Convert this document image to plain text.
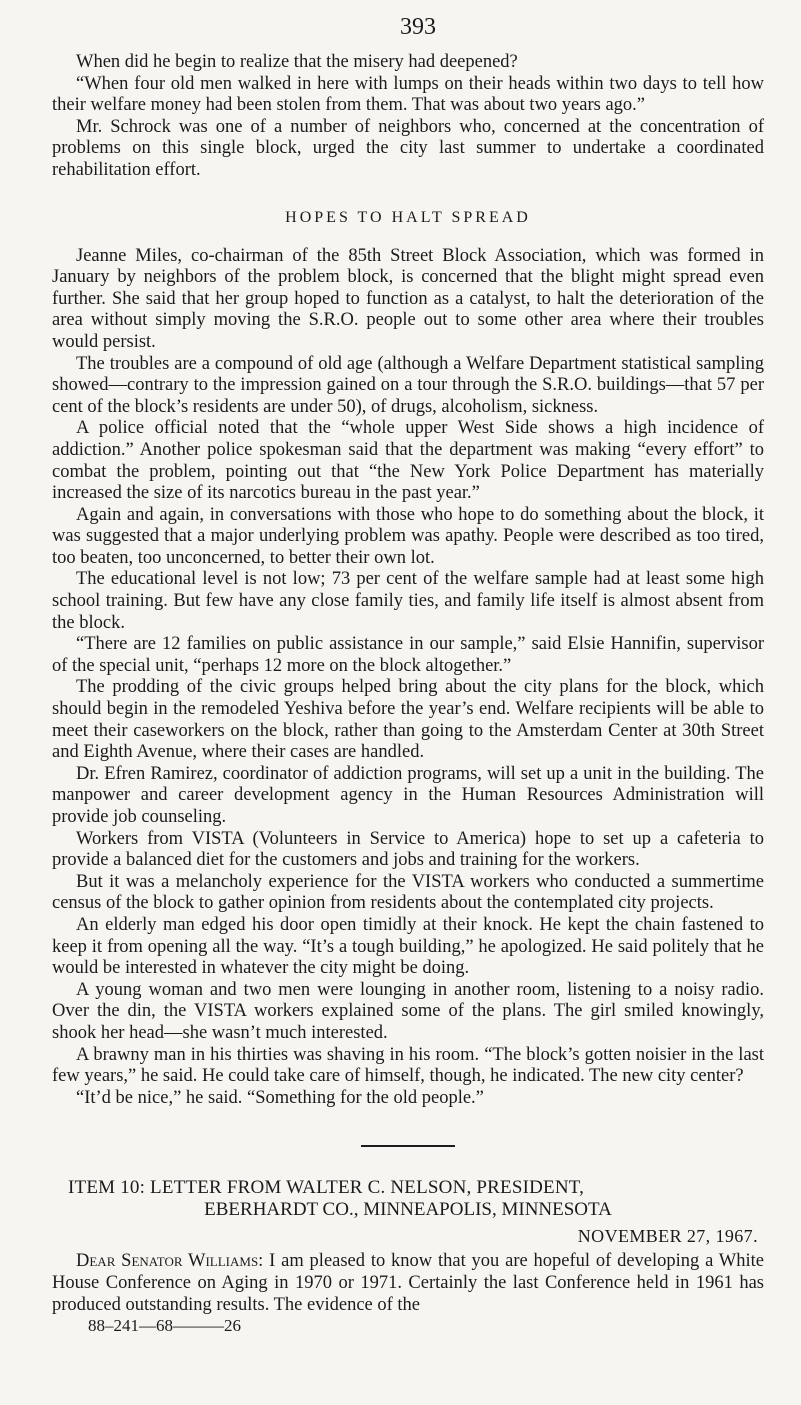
393

When did he begin to realize that the misery had deepened?

“When four old men walked in here with lumps on their heads within two days to tell how their welfare money had been stolen from them. That was about two years ago.”

Mr. Schrock was one of a number of neighbors who, concerned at the concentration of problems on this single block, urged the city last summer to undertake a coordinated rehabilitation effort.

HOPES TO HALT SPREAD

Jeanne Miles, co-chairman of the 85th Street Block Association, which was formed in January by neighbors of the problem block, is concerned that the blight might spread even further. She said that her group hoped to function as a catalyst, to halt the deterioration of the area without simply moving the S.R.O. people out to some other area where their troubles would persist.

The troubles are a compound of old age (although a Welfare Department statistical sampling showed—contrary to the impression gained on a tour through the S.R.O. buildings—that 57 per cent of the block’s residents are under 50), of drugs, alcoholism, sickness.

A police official noted that the “whole upper West Side shows a high incidence of addiction.” Another police spokesman said that the department was making “every effort” to combat the problem, pointing out that “the New York Police Department has materially increased the size of its narcotics bureau in the past year.”

Again and again, in conversations with those who hope to do something about the block, it was suggested that a major underlying problem was apathy. People were described as too tired, too beaten, too unconcerned, to better their own lot.

The educational level is not low; 73 per cent of the welfare sample had at least some high school training. But few have any close family ties, and family life itself is almost absent from the block.

“There are 12 families on public assistance in our sample,” said Elsie Hannifin, supervisor of the special unit, “perhaps 12 more on the block altogether.”

The prodding of the civic groups helped bring about the city plans for the block, which should begin in the remodeled Yeshiva before the year’s end. Welfare recipients will be able to meet their caseworkers on the block, rather than going to the Amsterdam Center at 30th Street and Eighth Avenue, where their cases are handled.

Dr. Efren Ramirez, coordinator of addiction programs, will set up a unit in the building. The manpower and career development agency in the Human Resources Administration will provide job counseling.

Workers from VISTA (Volunteers in Service to America) hope to set up a cafeteria to provide a balanced diet for the customers and jobs and training for the workers.

But it was a melancholy experience for the VISTA workers who conducted a summertime census of the block to gather opinion from residents about the contemplated city projects.

An elderly man edged his door open timidly at their knock. He kept the chain fastened to keep it from opening all the way. “It’s a tough building,” he apologized. He said politely that he would be interested in whatever the city might be doing.

A young woman and two men were lounging in another room, listening to a noisy radio. Over the din, the VISTA workers explained some of the plans. The girl smiled knowingly, shook her head—she wasn’t much interested.

A brawny man in his thirties was shaving in his room. “The block’s gotten noisier in the last few years,” he said. He could take care of himself, though, he indicated. The new city center?

“It’d be nice,” he said. “Something for the old people.”

ITEM 10: LETTER FROM WALTER C. NELSON, PRESIDENT,
EBERHARDT CO., MINNEAPOLIS, MINNESOTA
NOVEMBER 27, 1967.

Dear Senator Williams: I am pleased to know that you are hopeful of developing a White House Conference on Aging in 1970 or 1971. Certainly the last Conference held in 1961 has produced outstanding results. The evidence of the

88–241—68———26
